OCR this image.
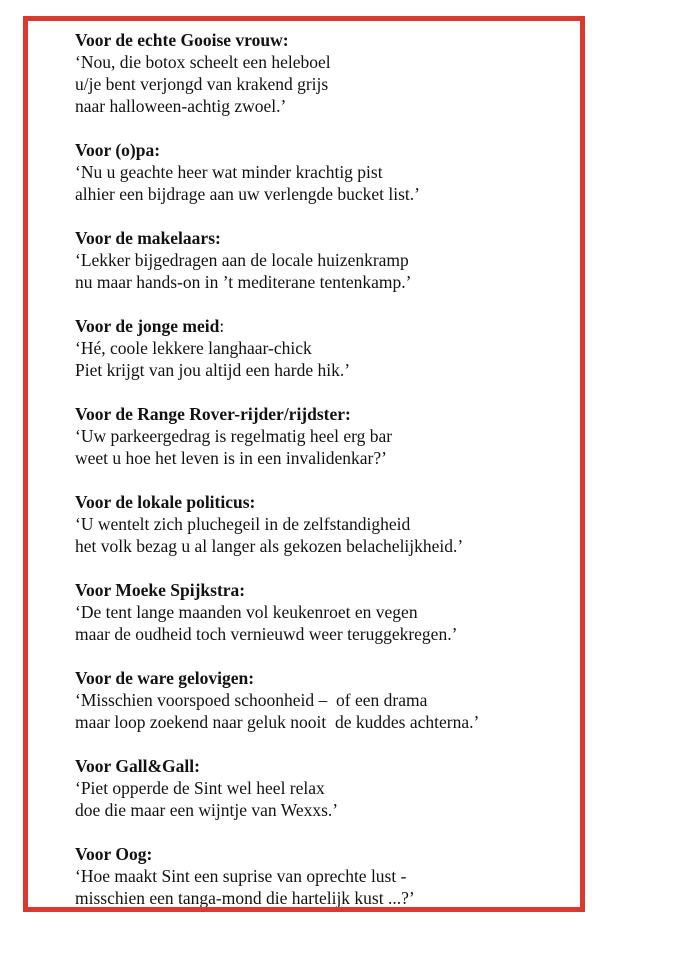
Voor de echte Gooise vrouw:
‘Nou, die botox scheelt een heleboel
u/je bent verjongd van krakend grijs
naar halloween-achtig zwoel.’
Voor (o)pa:
‘Nu u geachte heer wat minder krachtig pist
alhier een bijdrage aan uw verlengde bucket list.’
Voor de makelaars:
‘Lekker bijgedragen aan de locale huizenkramp
nu maar hands-on in ’t mediterane tentenkamp.’
Voor de jonge meid:
‘Hé, coole lekkere langhaar-chick
Piet krijgt van jou altijd een harde hik.’
Voor de Range Rover-rijder/rijdster:
‘Uw parkeergedrag is regelmatig heel erg bar
weet u hoe het leven is in een invalidenkar?’
Voor de lokale politicus:
‘U wentelt zich pluchegeil in de zelfstandigheid
het volk bezag u al langer als gekozen belachelijkheid.’
Voor Moeke Spijkstra:
‘De tent lange maanden vol keukenroet en vegen
maar de oudheid toch vernieuwd weer teruggekregen.’
Voor de ware gelovigen:
‘Misschien voorspoed schoonheid –  of een drama
maar loop zoekend naar geluk nooit  de kuddes achterna.’
Voor Gall&Gall:
‘Piet opperde de Sint wel heel relax
doe die maar een wijntje van Wexxs.’
Voor Oog:
‘Hoe maakt Sint een suprise van oprechte lust -
misschien een tanga-mond die hartelijk kust ...?’
